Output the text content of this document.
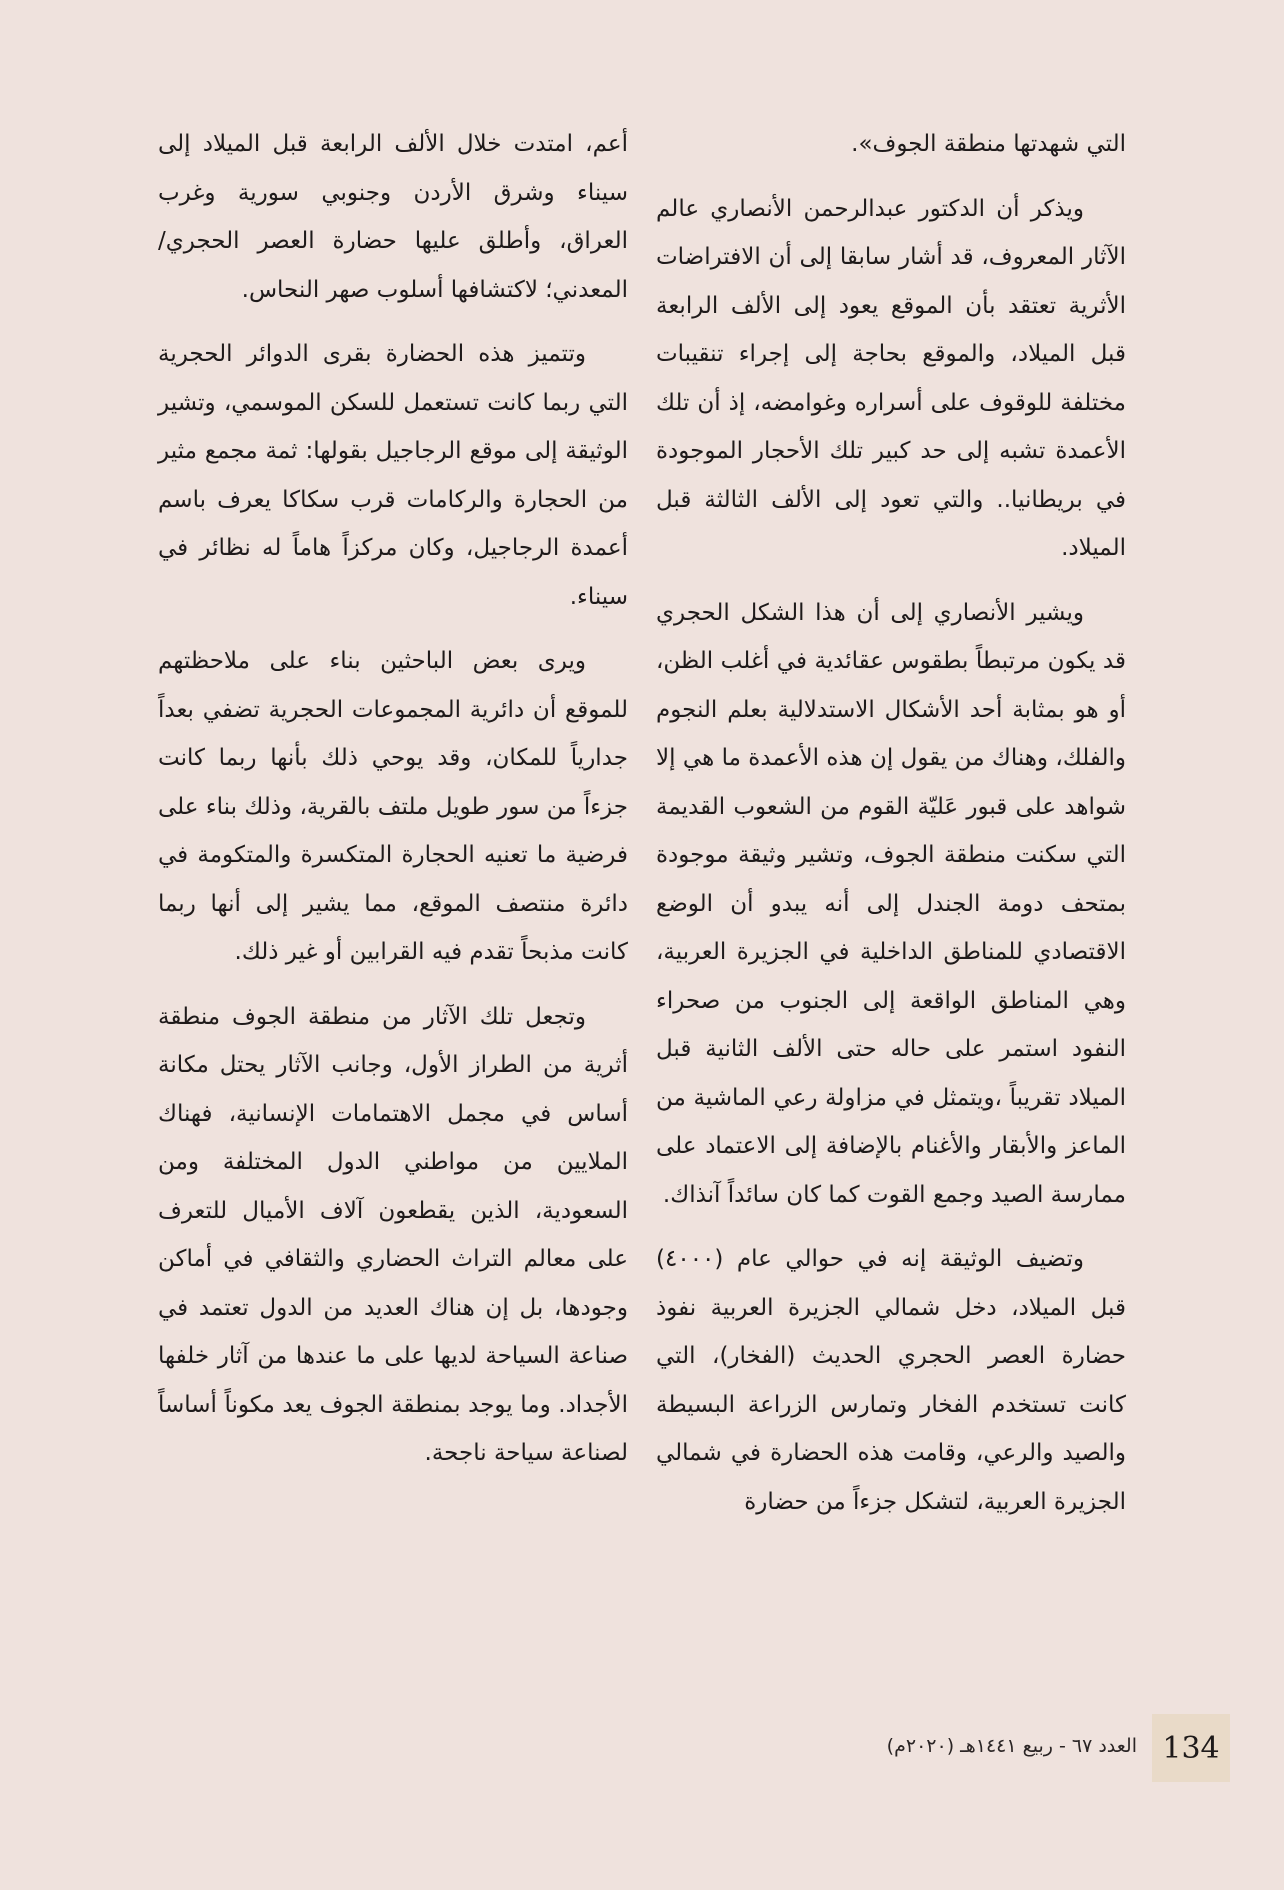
التي شهدتها منطقة الجوف».

ويذكر أن الدكتور عبدالرحمن الأنصاري عالم الآثار المعروف، قد أشار سابقا إلى أن الافتراضات الأثرية تعتقد بأن الموقع يعود إلى الألف الرابعة قبل الميلاد، والموقع بحاجة إلى إجراء تنقيبات مختلفة للوقوف على أسراره وغوامضه، إذ أن تلك الأعمدة تشبه إلى حد كبير تلك الأحجار الموجودة في بريطانيا.. والتي تعود إلى الألف الثالثة قبل الميلاد.

ويشير الأنصاري إلى أن هذا الشكل الحجري قد يكون مرتبطاً بطقوس عقائدية في أغلب الظن، أو هو بمثابة أحد الأشكال الاستدلالية بعلم النجوم والفلك، وهناك من يقول إن هذه الأعمدة ما هي إلا شواهد على قبور عَليّة القوم من الشعوب القديمة التي سكنت منطقة الجوف، وتشير وثيقة موجودة بمتحف دومة الجندل إلى أنه يبدو أن الوضع الاقتصادي للمناطق الداخلية في الجزيرة العربية، وهي المناطق الواقعة إلى الجنوب من صحراء النفود استمر على حاله حتى الألف الثانية قبل الميلاد تقريباً ،ويتمثل في مزاولة رعي الماشية من الماعز والأبقار والأغنام بالإضافة إلى الاعتماد على ممارسة الصيد وجمع القوت كما كان سائداً آنذاك.

وتضيف الوثيقة إنه في حوالي عام (٤٠٠٠) قبل الميلاد، دخل شمالي الجزيرة العربية نفوذ حضارة العصر الحجري الحديث (الفخار)، التي كانت تستخدم الفخار وتمارس الزراعة البسيطة والصيد والرعي، وقامت هذه الحضارة في شمالي الجزيرة العربية، لتشكل جزءاً من حضارة

أعم، امتدت خلال الألف الرابعة قبل الميلاد إلى سيناء وشرق الأردن وجنوبي سورية وغرب العراق، وأطلق عليها حضارة العصر الحجري/المعدني؛ لاكتشافها أسلوب صهر النحاس.

وتتميز هذه الحضارة بقرى الدوائر الحجرية التي ربما كانت تستعمل للسكن الموسمي، وتشير الوثيقة إلى موقع الرجاجيل بقولها: ثمة مجمع مثير من الحجارة والركامات قرب سكاكا يعرف باسم أعمدة الرجاجيل، وكان مركزاً هاماً له نظائر في سيناء.

ويرى بعض الباحثين بناء على ملاحظتهم للموقع أن دائرية المجموعات الحجرية تضفي بعداً جدارياً للمكان، وقد يوحي ذلك بأنها ربما كانت جزءاً من سور طويل ملتف بالقرية، وذلك بناء على فرضية ما تعنيه الحجارة المتكسرة والمتكومة في دائرة منتصف الموقع، مما يشير إلى أنها ربما كانت مذبحاً تقدم فيه القرابين أو غير ذلك.

وتجعل تلك الآثار من منطقة الجوف منطقة أثرية من الطراز الأول، وجانب الآثار يحتل مكانة أساس في مجمل الاهتمامات الإنسانية، فهناك الملايين من مواطني الدول المختلفة ومن السعودية، الذين يقطعون آلاف الأميال للتعرف على معالم التراث الحضاري والثقافي في أماكن وجودها، بل إن هناك العديد من الدول تعتمد في صناعة السياحة لديها على ما عندها من آثار خلفها الأجداد. وما يوجد بمنطقة الجوف يعد مكوناً أساساً لصناعة سياحة ناجحة.

134
العدد ٦٧ - ربيع ١٤٤١هـ (٢٠٢٠م)
